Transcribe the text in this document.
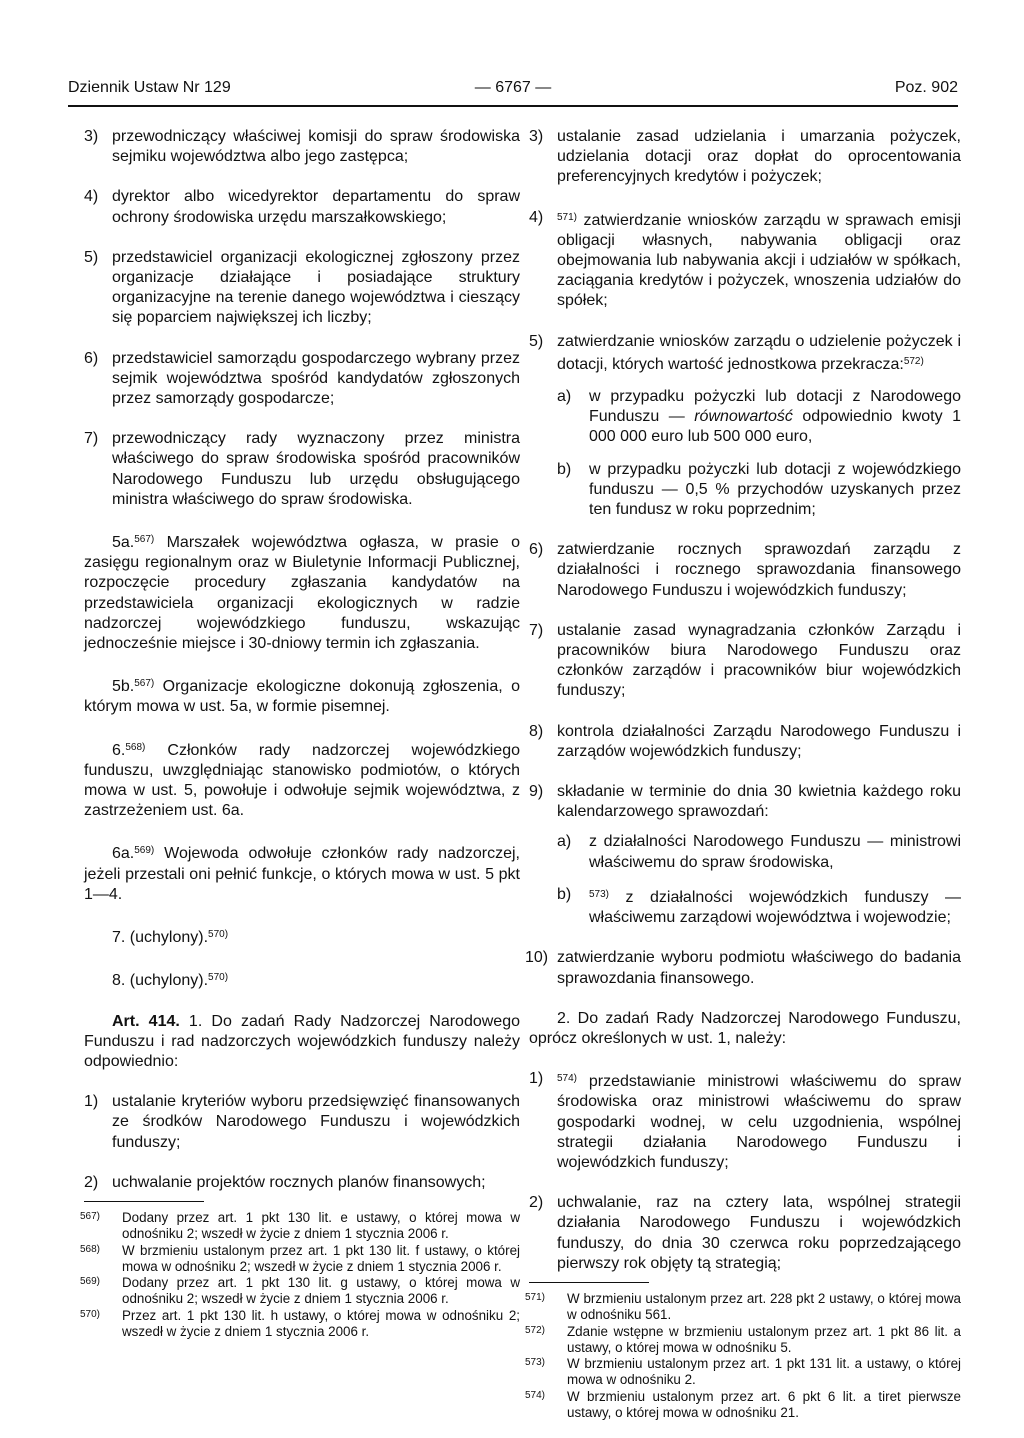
Dziennik Ustaw Nr 129	— 6767 —	Poz. 902
3) przewodniczący właściwej komisji do spraw środowiska sejmiku województwa albo jego zastępca;
4) dyrektor albo wicedyrektor departamentu do spraw ochrony środowiska urzędu marszałkowskiego;
5) przedstawiciel organizacji ekologicznej zgłoszony przez organizacje działające i posiadające struktury organizacyjne na terenie danego województwa i cieszący się poparciem największej ich liczby;
6) przedstawiciel samorządu gospodarczego wybrany przez sejmik województwa spośród kandydatów zgłoszonych przez samorządy gospodarcze;
7) przewodniczący rady wyznaczony przez ministra właściwego do spraw środowiska spośród pracowników Narodowego Funduszu lub urzędu obsługującego ministra właściwego do spraw środowiska.

5a.$^{567)}$ Marszałek województwa ogłasza, w prasie o zasięgu regionalnym oraz w Biuletynie Informacji Publicznej, rozpoczęcie procedury zgłaszania kandydatów na przedstawiciela organizacji ekologicznych w radzie nadzorczej wojewódzkiego funduszu, wskazując jednocześnie miejsce i 30-dniowy termin ich zgłaszania.

5b.$^{567)}$ Organizacje ekologiczne dokonują zgłoszenia, o którym mowa w ust. 5a, w formie pisemnej.

6.$^{568)}$ Członków rady nadzorczej wojewódzkiego funduszu, uwzględniając stanowisko podmiotów, o których mowa w ust. 5, powołuje i odwołuje sejmik województwa, z zastrzeżeniem ust. 6a.

6a.$^{569)}$ Wojewoda odwołuje członków rady nadzorczej, jeżeli przestali oni pełnić funkcje, o których mowa w ust. 5 pkt 1—4.

7. (uchylony).$^{570)}$

8. (uchylony).$^{570)}$

Art. 414. 1. Do zadań Rady Nadzorczej Narodowego Funduszu i rad nadzorczych wojewódzkich funduszy należy odpowiednio:

1) ustalanie kryteriów wyboru przedsięwzięć finansowanych ze środków Narodowego Funduszu i wojewódzkich funduszy;
2) uchwalanie projektów rocznych planów finansowych;
567) Dodany przez art. 1 pkt 130 lit. e ustawy, o której mowa w odnośniku 2; wszedł w życie z dniem 1 stycznia 2006 r.
568) W brzmieniu ustalonym przez art. 1 pkt 130 lit. f ustawy, o której mowa w odnośniku 2; wszedł w życie z dniem 1 stycznia 2006 r.
569) Dodany przez art. 1 pkt 130 lit. g ustawy, o której mowa w odnośniku 2; wszedł w życie z dniem 1 stycznia 2006 r.
570) Przez art. 1 pkt 130 lit. h ustawy, o której mowa w odnośniku 2; wszedł w życie z dniem 1 stycznia 2006 r.
3) ustalanie zasad udzielania i umarzania pożyczek, udzielania dotacji oraz dopłat do oprocentowania preferencyjnych kredytów i pożyczek;
4) $^{571)}$ zatwierdzanie wniosków zarządu w sprawach emisji obligacji własnych, nabywania obligacji oraz obejmowania lub nabywania akcji i udziałów w spółkach, zaciągania kredytów i pożyczek, wnoszenia udziałów do spółek;
5) zatwierdzanie wniosków zarządu o udzielenie pożyczek i dotacji, których wartość jednostkowa przekracza:$^{572)}$
a) w przypadku pożyczki lub dotacji z Narodowego Funduszu — równowartość odpowiednio kwoty 1 000 000 euro lub 500 000 euro,
b) w przypadku pożyczki lub dotacji z wojewódzkiego funduszu — 0,5 % przychodów uzyskanych przez ten fundusz w roku poprzednim;
6) zatwierdzanie rocznych sprawozdań zarządu z działalności i rocznego sprawozdania finansowego Narodowego Funduszu i wojewódzkich funduszy;
7) ustalanie zasad wynagradzania członków Zarządu i pracowników biura Narodowego Funduszu oraz członków zarządów i pracowników biur wojewódzkich funduszy;
8) kontrola działalności Zarządu Narodowego Funduszu i zarządów wojewódzkich funduszy;
9) składanie w terminie do dnia 30 kwietnia każdego roku kalendarzowego sprawozdań:
a) z działalności Narodowego Funduszu — ministrowi właściwemu do spraw środowiska,
b) $^{573)}$ z działalności wojewódzkich funduszy — właściwemu zarządowi województwa i wojewodzie;
10) zatwierdzanie wyboru podmiotu właściwego do badania sprawozdania finansowego.

2. Do zadań Rady Nadzorczej Narodowego Funduszu, oprócz określonych w ust. 1, należy:

1) $^{574)}$ przedstawianie ministrowi właściwemu do spraw środowiska oraz ministrowi właściwemu do spraw gospodarki wodnej, w celu uzgodnienia, wspólnej strategii działania Narodowego Funduszu i wojewódzkich funduszy;
2) uchwalanie, raz na cztery lata, wspólnej strategii działania Narodowego Funduszu i wojewódzkich funduszy, do dnia 30 czerwca roku poprzedzającego pierwszy rok objęty tą strategią;
571) W brzmieniu ustalonym przez art. 228 pkt 2 ustawy, o której mowa w odnośniku 561.
572) Zdanie wstępne w brzmieniu ustalonym przez art. 1 pkt 86 lit. a ustawy, o której mowa w odnośniku 5.
573) W brzmieniu ustalonym przez art. 1 pkt 131 lit. a ustawy, o której mowa w odnośniku 2.
574) W brzmieniu ustalonym przez art. 6 pkt 6 lit. a tiret pierwsze ustawy, o której mowa w odnośniku 21.
